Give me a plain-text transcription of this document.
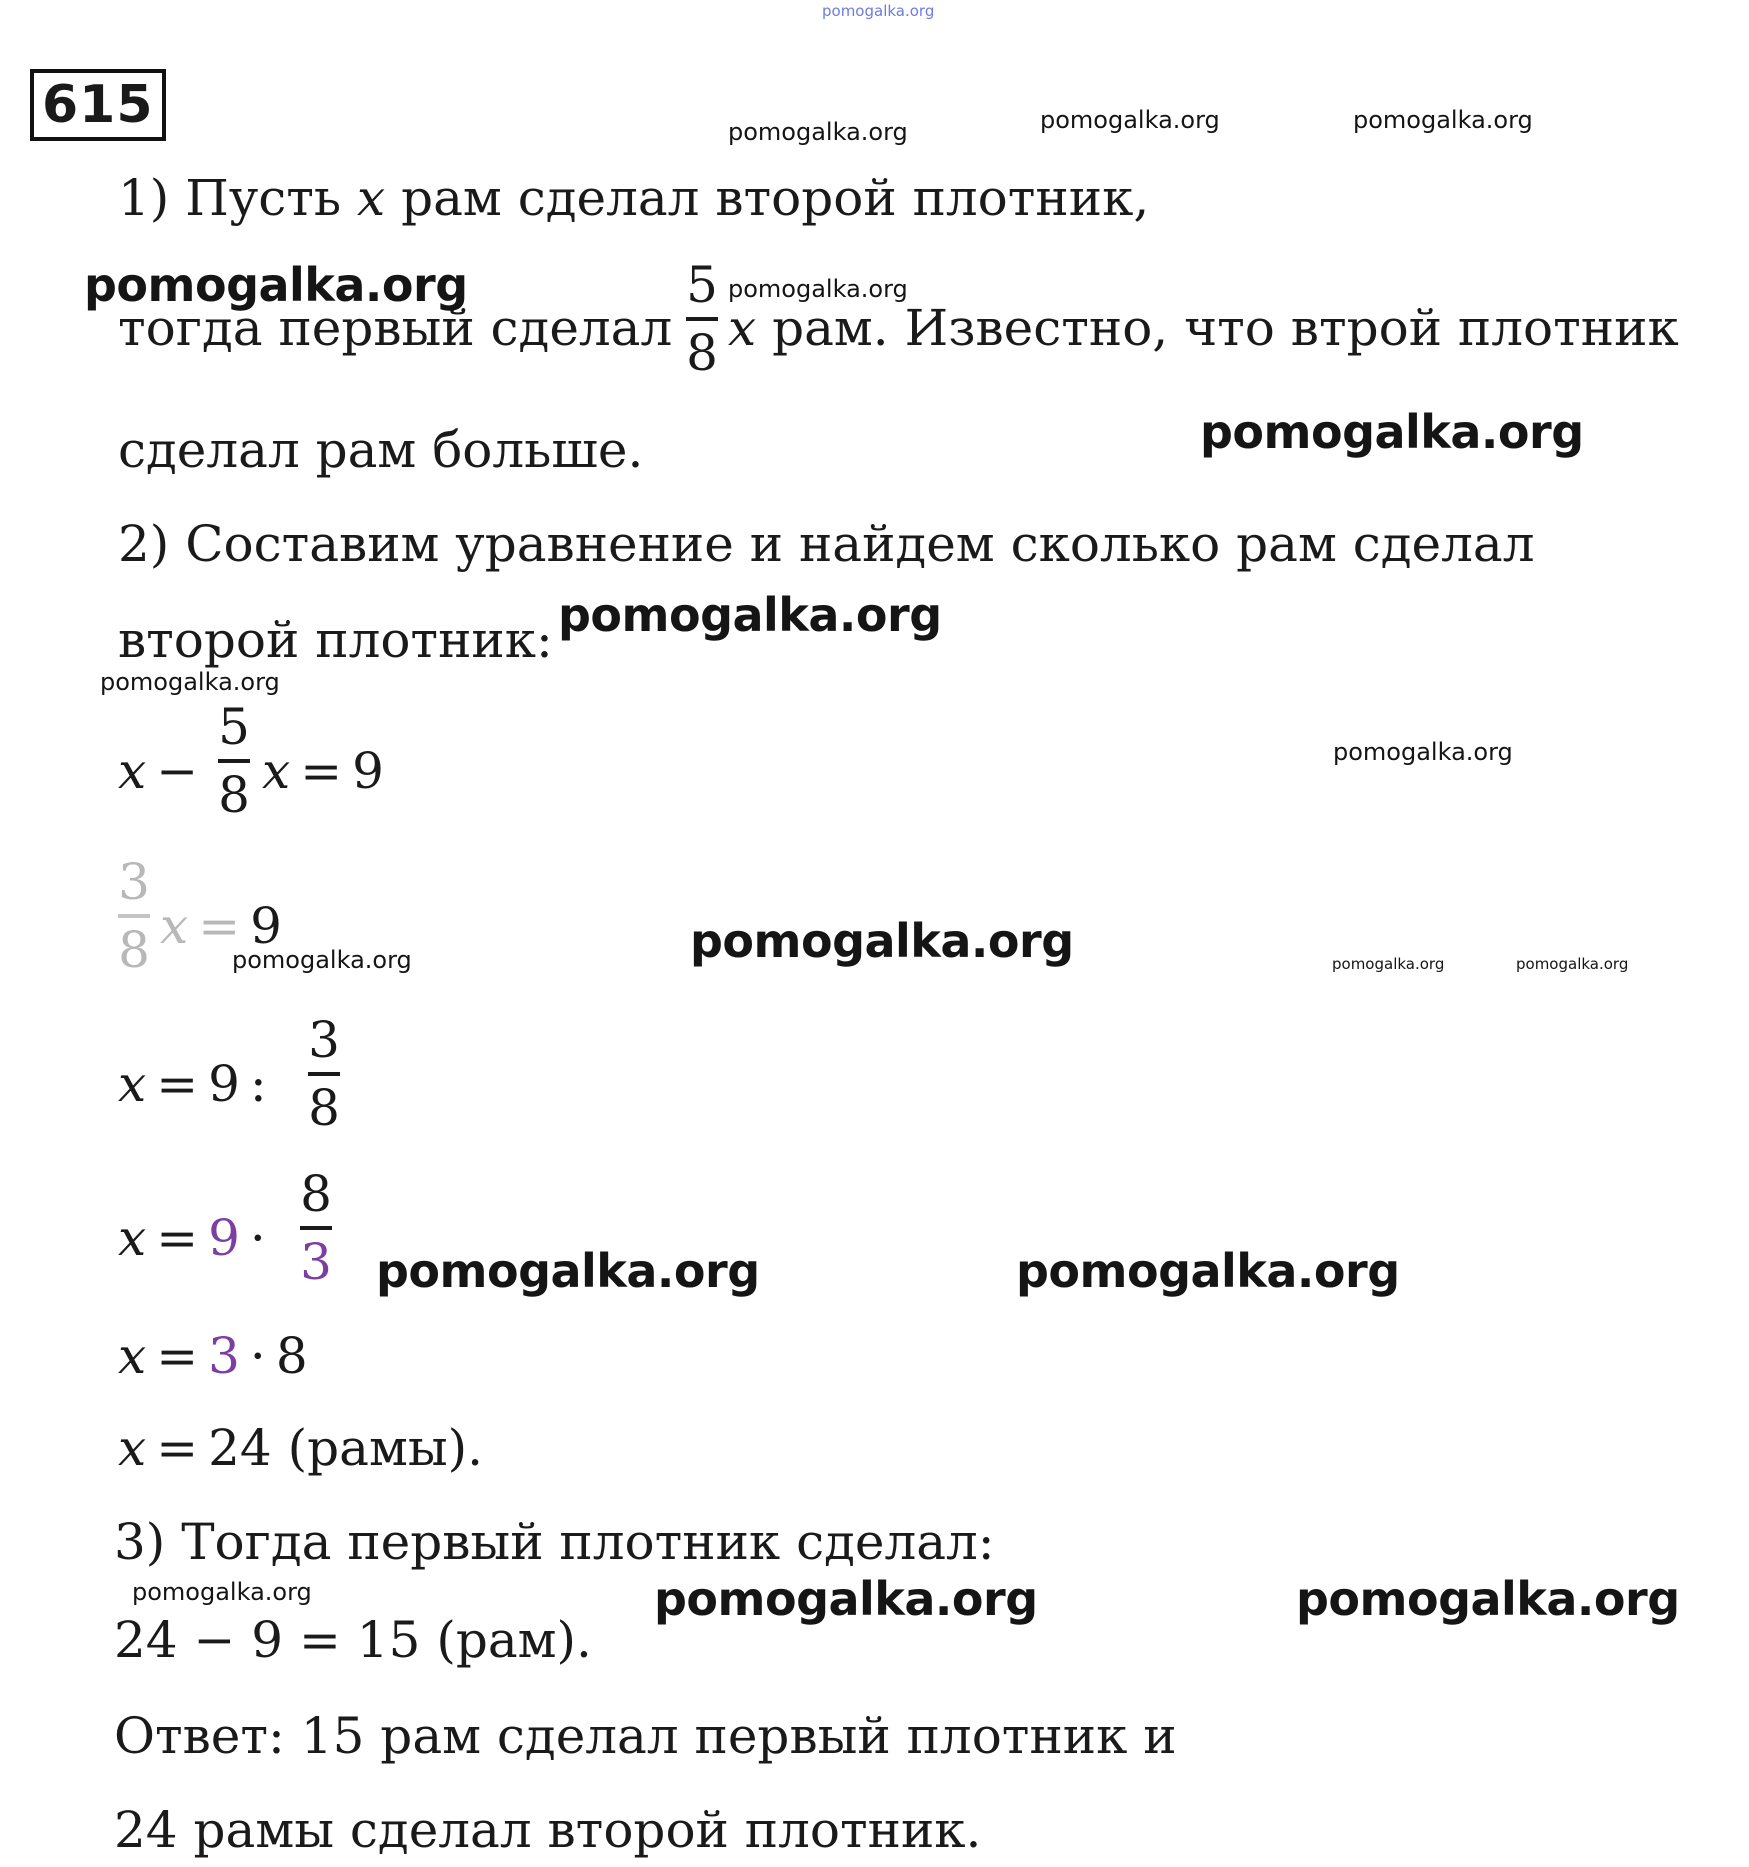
pomogalka.org
pomogalka.org	pomogalka.org	pomogalka.org
615
1) Пусть x рам сделал второй плотник,
тогда первый сделал
5
8 x рам. Известно, что втрой плотник
pomogalka.org	pomogalka.org
сделал рам больше.	pomogalka.org
2) Составим уравнение и найдем сколько рам сделал
второй плотник: pomogalka.org
pomogalka.org
x −
5
8 x = 9	pomogalka.org
3
8 x = 9
pomogalka.org	pomogalka.org	pomogalka.org	pomogalka.org
x = 9 :
3
8
x = 9 ·
8
3 pomogalka.org	pomogalka.org
x = 3 · 8
x = 24 (рамы).
3) Тогда первый плотник сделал:
pomogalka.org	pomogalka.org	pomogalka.org
24 − 9 = 15 (рам).
Ответ: 15 рам сделал первый плотник и
24 рамы сделал второй плотник.
